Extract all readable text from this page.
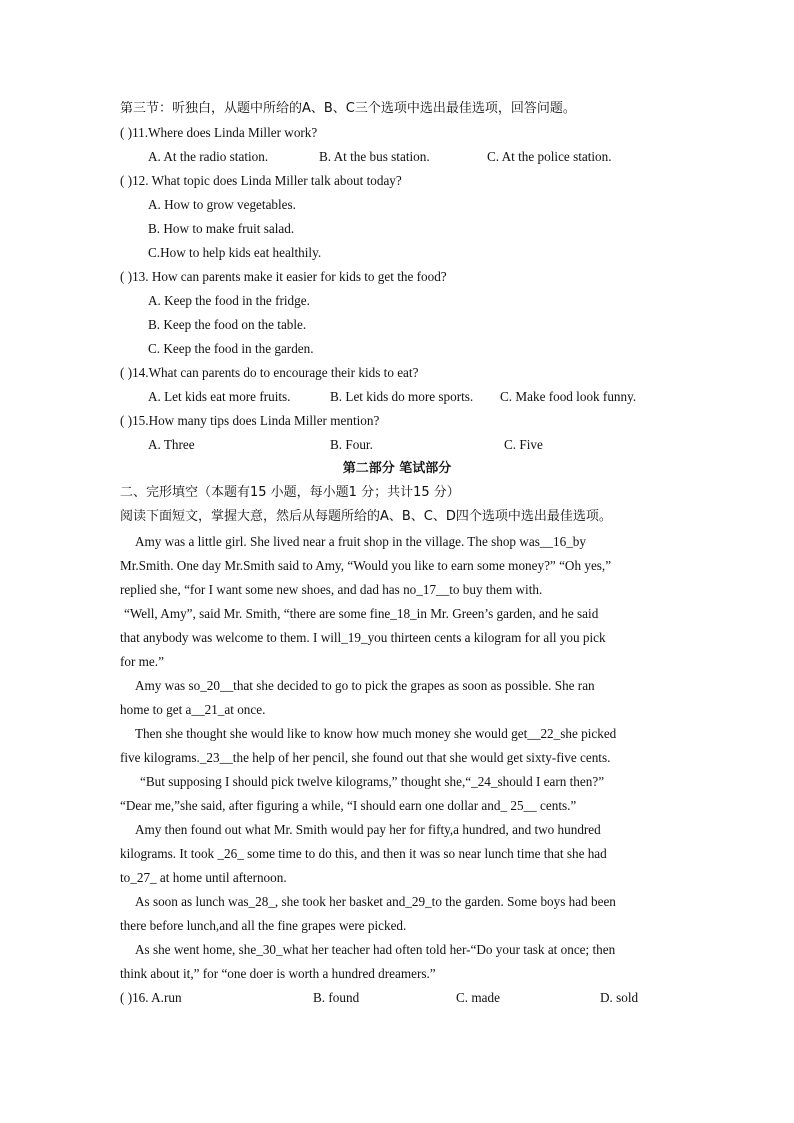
第三节：听独白，从题中所给的A、B、C三个选项中选出最佳选项，回答问题。
( )11.Where does Linda Miller work?
A. At the radio station.	B. At the bus station.	C. At the police station.
( )12. What topic does Linda Miller talk about today?
A. How to grow vegetables.
B. How to make fruit salad.
C.How to help kids eat healthily.
( )13. How can parents make it easier for kids to get the food?
A. Keep the food in the fridge.
B. Keep the food on the table.
C. Keep the food in the garden.
( )14.What can parents do to encourage their kids to eat?
A. Let kids eat more fruits.	B. Let kids do more sports. C. Make food look funny.
( )15.How many tips does Linda Miller mention?
A. Three	B. Four.	C. Five
第二部分 笔试部分
二、完形填空（本题有15 小题，每小题1 分；共计15 分）
阅读下面短文，掌握大意，然后从每题所给的A、B、C、D四个选项中选出最佳选项。
Amy was a little girl. She lived near a fruit shop in the village. The shop was__16_by
Mr.Smith. One day Mr.Smith said to Amy, “Would you like to earn some money?” “Oh yes,”
replied she, “for I want some new shoes, and dad has no_17__to buy them with.
“Well, Amy”, said Mr. Smith, “there are some fine_18_in Mr. Green’s garden, and he said
that anybody was welcome to them. I will_19_you thirteen cents a kilogram for all you pick
for me.”
Amy was so_20__that she decided to go to pick the grapes as soon as possible. She ran
home to get a__21_at once.
Then she thought she would like to know how much money she would get__22_she picked
five kilograms._23__the help of her pencil, she found out that she would get sixty-five cents.
“But supposing I should pick twelve kilograms,” thought she,“_24_should I earn then?”
“Dear me,”she said, after figuring a while, “I should earn one dollar and_ 25__ cents.”
Amy then found out what Mr. Smith would pay her for fifty,a hundred, and two hundred
kilograms. It took _26_ some time to do this, and then it was so near lunch time that she had
to_27_ at home until afternoon.
As soon as lunch was_28_, she took her basket and_29_to the garden. Some boys had been
there before lunch,and all the fine grapes were picked.
As she went home, she_30_what her teacher had often told her-“Do your task at once; then
think about it,” for “one doer is worth a hundred dreamers.”
( )16. A.run	B. found	C. made	D. sold
